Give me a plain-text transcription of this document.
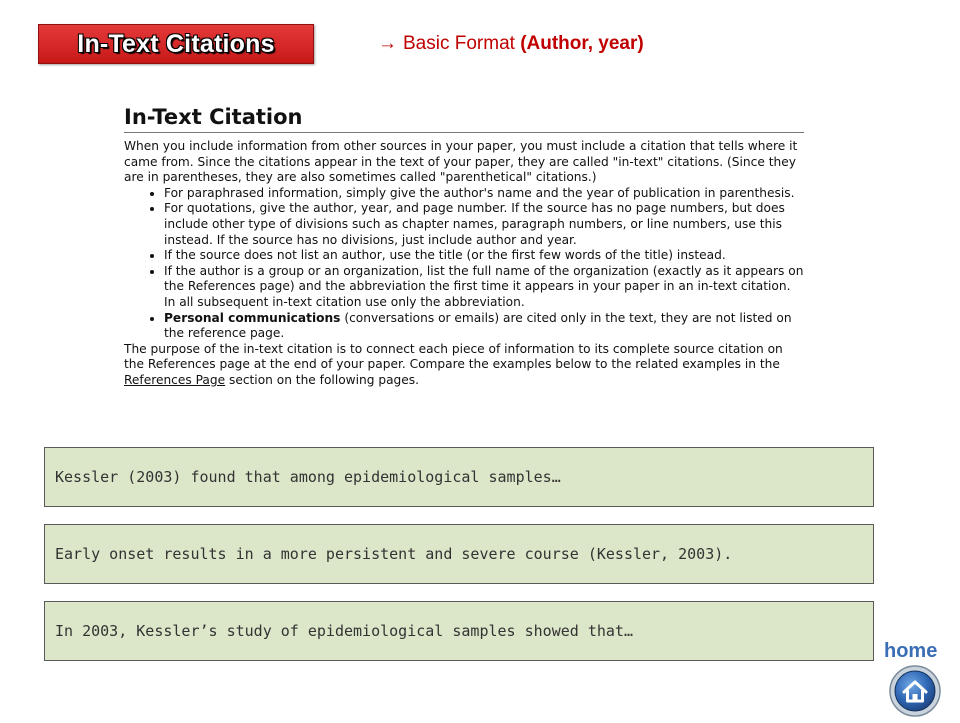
In-Text Citations	→ Basic Format (Author, year)
In-Text Citation

When you include information from other sources in your paper, you must include a citation that tells where it came from. Since the citations appear in the text of your paper, they are called "in-text" citations. (Since they are in parentheses, they are also sometimes called "parenthetical" citations.)

• For paraphrased information, simply give the author's name and the year of publication in parenthesis.
• For quotations, give the author, year, and page number. If the source has no page numbers, but does include other type of divisions such as chapter names, paragraph numbers, or line numbers, use this instead. If the source has no divisions, just include author and year.
• If the source does not list an author, use the title (or the first few words of the title) instead.
• If the author is a group or an organization, list the full name of the organization (exactly as it appears on the References page) and the abbreviation the first time it appears in your paper in an in-text citation. In all subsequent in-text citation use only the abbreviation.
• Personal communications (conversations or emails) are cited only in the text, they are not listed on the reference page.

The purpose of the in-text citation is to connect each piece of information to its complete source citation on the References page at the end of your paper. Compare the examples below to the related examples in the References Page section on the following pages.

Kessler (2003) found that among epidemiological samples…
Early onset results in a more persistent and severe course (Kessler, 2003).
In 2003, Kessler’s study of epidemiological samples showed that…
home
